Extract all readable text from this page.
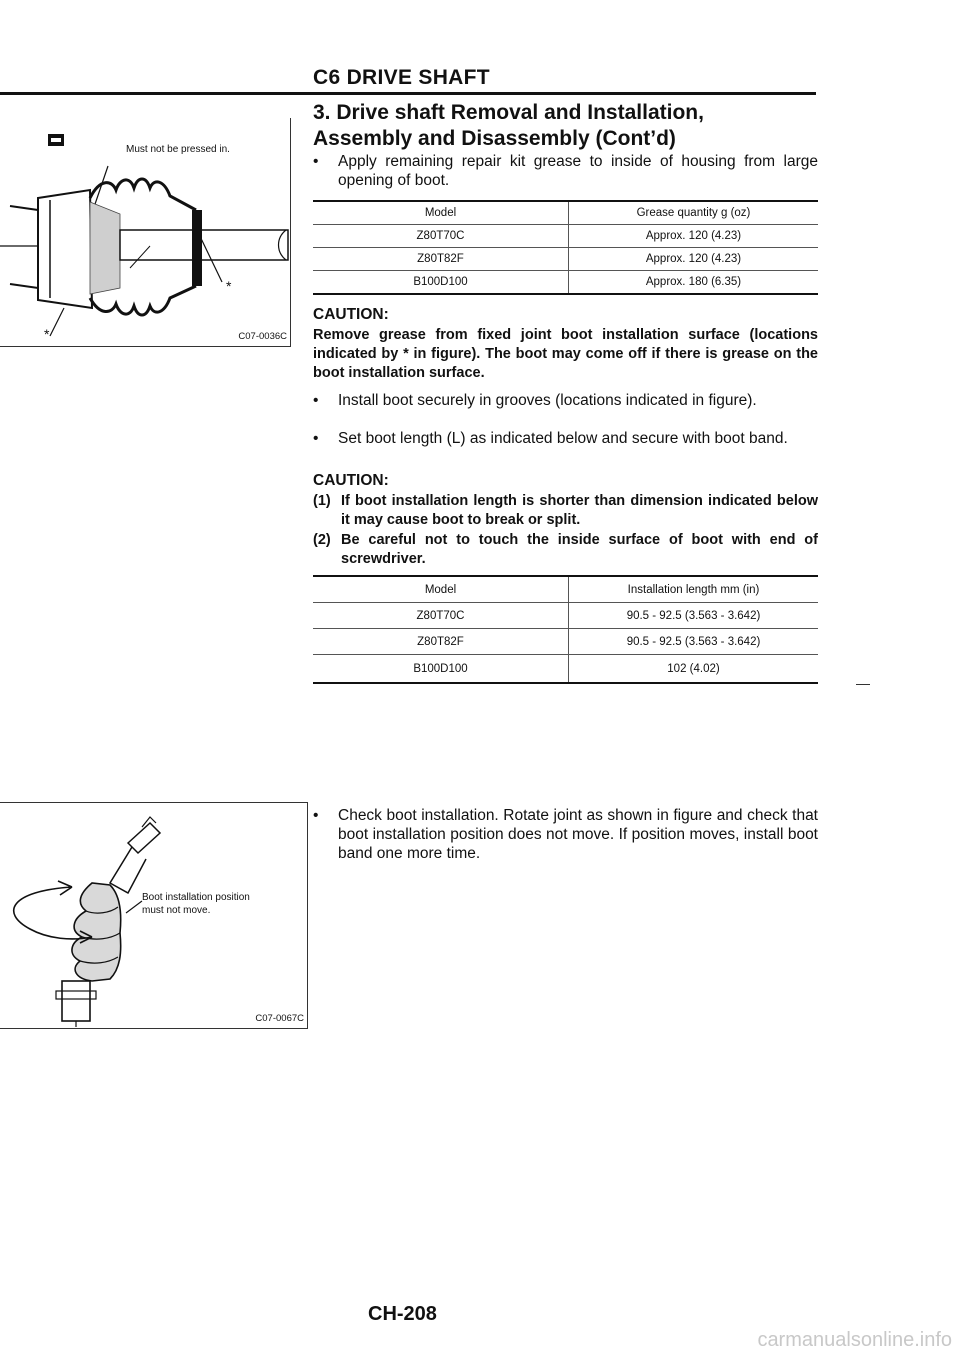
C6 DRIVE SHAFT
3. Drive shaft Removal and Installation,
Assembly and Disassembly (Cont’d)
Must not be pressed in.
*
*	C07-0036C
•	Apply remaining repair kit grease to inside of housing from large opening of boot.
Model	Grease quantity g (oz)
Z80T70C	Approx. 120 (4.23)
Z80T82F	Approx. 120 (4.23)
B100D100	Approx. 180 (6.35)
CAUTION:
Remove grease from fixed joint boot installation surface (locations indicated by * in figure). The boot may come off if there is grease on the boot installation surface.
•	Install boot securely in grooves (locations indicated in figure).
•	Set boot length (L) as indicated below and secure with boot band.
CAUTION:
(1) If boot installation length is shorter than dimension indicated below it may cause boot to break or split.
(2) Be careful not to touch the inside surface of boot with end of screwdriver.
Model	Installation length mm (in)
Z80T70C	90.5 - 92.5 (3.563 - 3.642)
Z80T82F	90.5 - 92.5 (3.563 - 3.642)
B100D100	102 (4.02)
Boot installation position
must not move.
C07-0067C
•	Check boot installation. Rotate joint as shown in figure and check that boot installation position does not move. If position moves, install boot band one more time.
CH-208
carmanualsonline.info
